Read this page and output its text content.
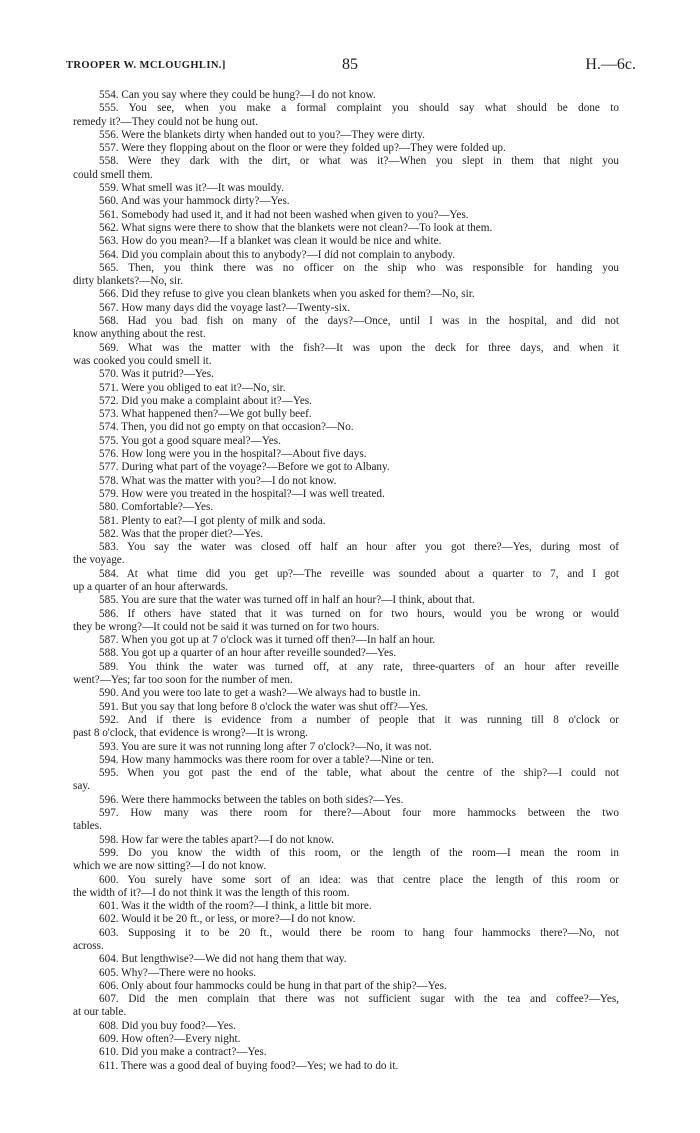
TROOPER W. MCLOUGHLIN.]	85	H.—6c.
554. Can you say where they could be hung?—I do not know.
555. You see, when you make a formal complaint you should say what should be done to
remedy it?—They could not be hung out.
556. Were the blankets dirty when handed out to you?—They were dirty.
557. Were they flopping about on the floor or were they folded up?—They were folded up.
558. Were they dark with the dirt, or what was it?—When you slept in them that night you
could smell them.
559. What smell was it?—It was mouldy.
560. And was your hammock dirty?—Yes.
561. Somebody had used it, and it had not been washed when given to you?—Yes.
562. What signs were there to show that the blankets were not clean?—To look at them.
563. How do you mean?—If a blanket was clean it would be nice and white.
564. Did you complain about this to anybody?—I did not complain to anybody.
565. Then, you think there was no officer on the ship who was responsible for handing you
dirty blankets?—No, sir.
566. Did they refuse to give you clean blankets when you asked for them?—No, sir.
567. How many days did the voyage last?—Twenty-six.
568. Had you bad fish on many of the days?—Once, until I was in the hospital, and did not
know anything about the rest.
569. What was the matter with the fish?—It was upon the deck for three days, and when it
was cooked you could smell it.
570. Was it putrid?—Yes.
571. Were you obliged to eat it?—No, sir.
572. Did you make a complaint about it?—Yes.
573. What happened then?—We got bully beef.
574. Then, you did not go empty on that occasion?—No.
575. You got a good square meal?—Yes.
576. How long were you in the hospital?—About five days.
577. During what part of the voyage?—Before we got to Albany.
578. What was the matter with you?—I do not know.
579. How were you treated in the hospital?—I was well treated.
580. Comfortable?—Yes.
581. Plenty to eat?—I got plenty of milk and soda.
582. Was that the proper diet?—Yes.
583. You say the water was closed off half an hour after you got there?—Yes, during most of
the voyage.
584. At what time did you get up?—The reveille was sounded about a quarter to 7, and I got
up a quarter of an hour afterwards.
585. You are sure that the water was turned off in half an hour?—I think, about that.
586. If others have stated that it was turned on for two hours, would you be wrong or would
they be wrong?—It could not be said it was turned on for two hours.
587. When you got up at 7 o'clock was it turned off then?—In half an hour.
588. You got up a quarter of an hour after reveille sounded?—Yes.
589. You think the water was turned off, at any rate, three-quarters of an hour after reveille
went?—Yes; far too soon for the number of men.
590. And you were too late to get a wash?—We always had to bustle in.
591. But you say that long before 8 o'clock the water was shut off?—Yes.
592. And if there is evidence from a number of people that it was running till 8 o'clock or
past 8 o'clock, that evidence is wrong?—It is wrong.
593. You are sure it was not running long after 7 o'clock?—No, it was not.
594. How many hammocks was there room for over a table?—Nine or ten.
595. When you got past the end of the table, what about the centre of the ship?—I could not
say.
596. Were there hammocks between the tables on both sides?—Yes.
597. How many was there room for there?—About four more hammocks between the two
tables.
598. How far were the tables apart?—I do not know.
599. Do you know the width of this room, or the length of the room—I mean the room in
which we are now sitting?—I do not know.
600. You surely have some sort of an idea: was that centre place the length of this room or
the width of it?—I do not think it was the length of this room.
601. Was it the width of the room?—I think, a little bit more.
602. Would it be 20 ft., or less, or more?—I do not know.
603. Supposing it to be 20 ft., would there be room to hang four hammocks there?—No, not
across.
604. But lengthwise?—We did not hang them that way.
605. Why?—There were no hooks.
606. Only about four hammocks could be hung in that part of the ship?—Yes.
607. Did the men complain that there was not sufficient sugar with the tea and coffee?—Yes,
at our table.
608. Did you buy food?—Yes.
609. How often?—Every night.
610. Did you make a contract?—Yes.
611. There was a good deal of buying food?—Yes; we had to do it.
